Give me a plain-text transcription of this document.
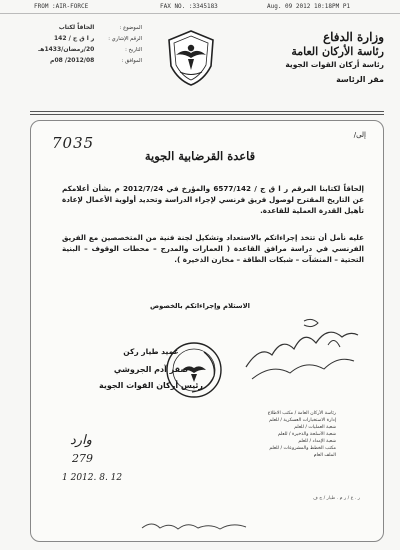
FROM :AIR-FORCE	FAX NO. :3345183	Aug. 09 2012 10:18PM P1
الموضوع : الحاقاً لكتاب
الرقم الإشاري : ر ا ق ج / 142
التاريخ : 20/رمضان/1433هـ
الموافق : 2012/08/ 08م
وزارة الدفاع
رئاسة الأركان العامة
رئاسة أركان القوات الجوية
مقر الرئاسة
7035	إلى/
قاعدة القرضابية الجوية
إلحاقاً لكتابنا المرقم ر ا ق ج / 6577/142 والمؤرخ في 2012/7/24 م بشأن أعلامكم عن التاريخ المقترح لوصول فريق فرنسي لإجراء الدراسة وتحديد أولوية الأعمال لإعادة تأهيل القدرة العملية للقاعدة.
عليه نأمل أن تتخذ إجراءاتكم بالاستعداد وتشكيل لجنة فنية من المتخصصين مع الفريق الفرنسي في دراسة مرافق القاعدة ( العمارات والمدرج – محطات الوقوف – البنية التحتية – المنشآت – شبكات الطاقة – مخازن الذخيرة ).
الاستلام وإجراءاتكم بالخصوص
عميد طيار ركن
صقر آدم الجروشي
رئيس أركان القوات الجوية
رئاسة الأركان العامة / مكتب الاطلاع
إدارة الاستخبارات العسكرية / للعلم
شعبة العمليات / للعلم
شعبة الأسلحة والذخيرة / للعلم
شعبة الإمداد / للعلم
مكتب الخطط والمشروعات / للعلم
الملف العام
وارد
279
1 2012. 8. 12
ر . ع / ر م . طيار / ج ف
